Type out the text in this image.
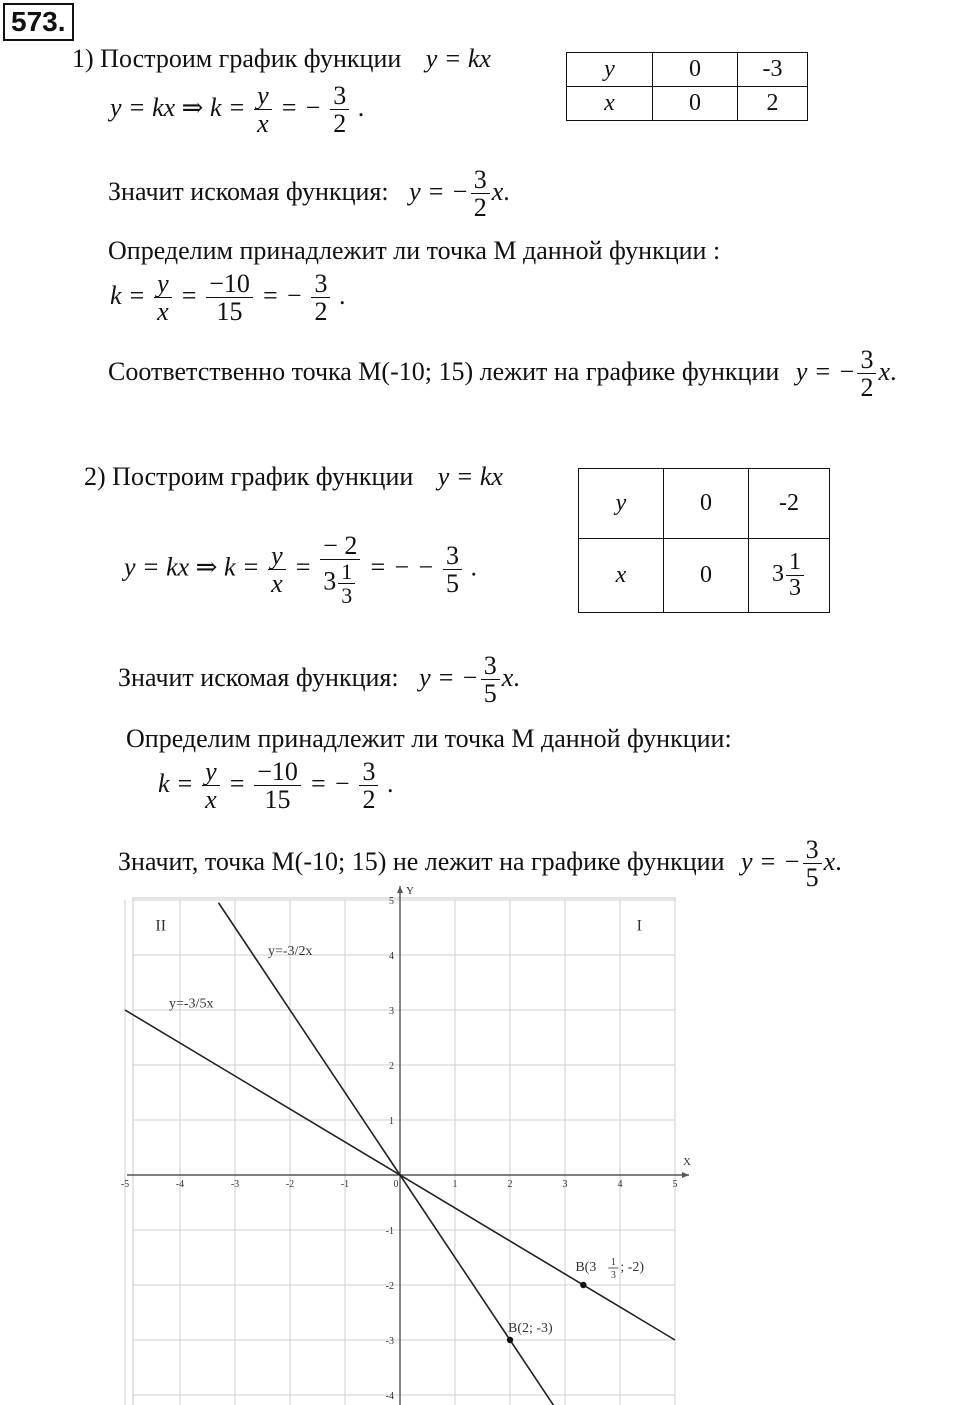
573.
1) Построим график функции y = kx	y	0	-3
x	0	2
y = kx ⇒ $k = \frac{y}{x}$ = − $\frac{3}{2}$ .
Значит искомая функция: y = − $\frac{3}{2} x$.
Определим принадлежит ли точка М данной функции :
$k = \frac{y}{x} = \frac{-10}{15}$ = − $\frac{3}{2}$ .
Соответственно точка М(-10; 15) лежит на графике функции y = − $\frac{3}{2} x$.
2) Построим график функции y = kx
y	0	-2
x	0	$3 \frac{1}{3}$
y = kx ⇒ $k = \frac{y}{x} = \frac{- 2}{3 \frac{1}{3}}$ = − − $\frac{3}{5}$ .
Значит искомая функция: y = − $\frac{3}{5} x$.
Определим принадлежит ли точка М данной функции:
$k = \frac{y}{x} = \frac{-10}{15}$ = − $\frac{3}{2}$ .
Значит, точка М(-10; 15) не лежит на графике функции y = − $\frac{3}{5} x$.
X
Y
-5	-4	-3	-2	-1	0	1	2	3	4	5
5
4
3
2
1
-1
-2
-3
-4
I
II
y=-3/2x
y=-3/5x
B(2; -3)
B(3 1
3
; -2)
